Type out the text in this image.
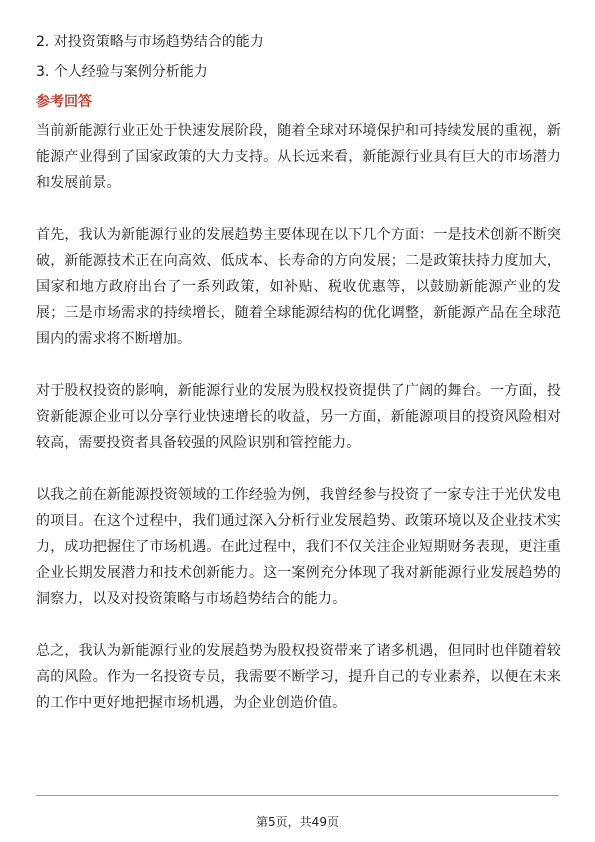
2. 对投资策略与市场趋势结合的能力
3. 个人经验与案例分析能力
参考回答

当前新能源行业正处于快速发展阶段，随着全球对环境保护和可持续发展的重视，新能源产业得到了国家政策的大力支持。从长远来看，新能源行业具有巨大的市场潜力和发展前景。

首先，我认为新能源行业的发展趋势主要体现在以下几个方面：一是技术创新不断突破，新能源技术正在向高效、低成本、长寿命的方向发展；二是政策扶持力度加大，国家和地方政府出台了一系列政策，如补贴、税收优惠等，以鼓励新能源产业的发展；三是市场需求的持续增长，随着全球能源结构的优化调整，新能源产品在全球范围内的需求将不断增加。

对于股权投资的影响，新能源行业的发展为股权投资提供了广阔的舞台。一方面，投资新能源企业可以分享行业快速增长的收益，另一方面，新能源项目的投资风险相对较高，需要投资者具备较强的风险识别和管控能力。

以我之前在新能源投资领域的工作经验为例，我曾经参与投资了一家专注于光伏发电的项目。在这个过程中，我们通过深入分析行业发展趋势、政策环境以及企业技术实力，成功把握住了市场机遇。在此过程中，我们不仅关注企业短期财务表现，更注重企业长期发展潜力和技术创新能力。这一案例充分体现了我对新能源行业发展趋势的洞察力，以及对投资策略与市场趋势结合的能力。

总之，我认为新能源行业的发展趋势为股权投资带来了诸多机遇，但同时也伴随着较高的风险。作为一名投资专员，我需要不断学习，提升自己的专业素养，以便在未来的工作中更好地把握市场机遇，为企业创造价值。

第5页，共49页
